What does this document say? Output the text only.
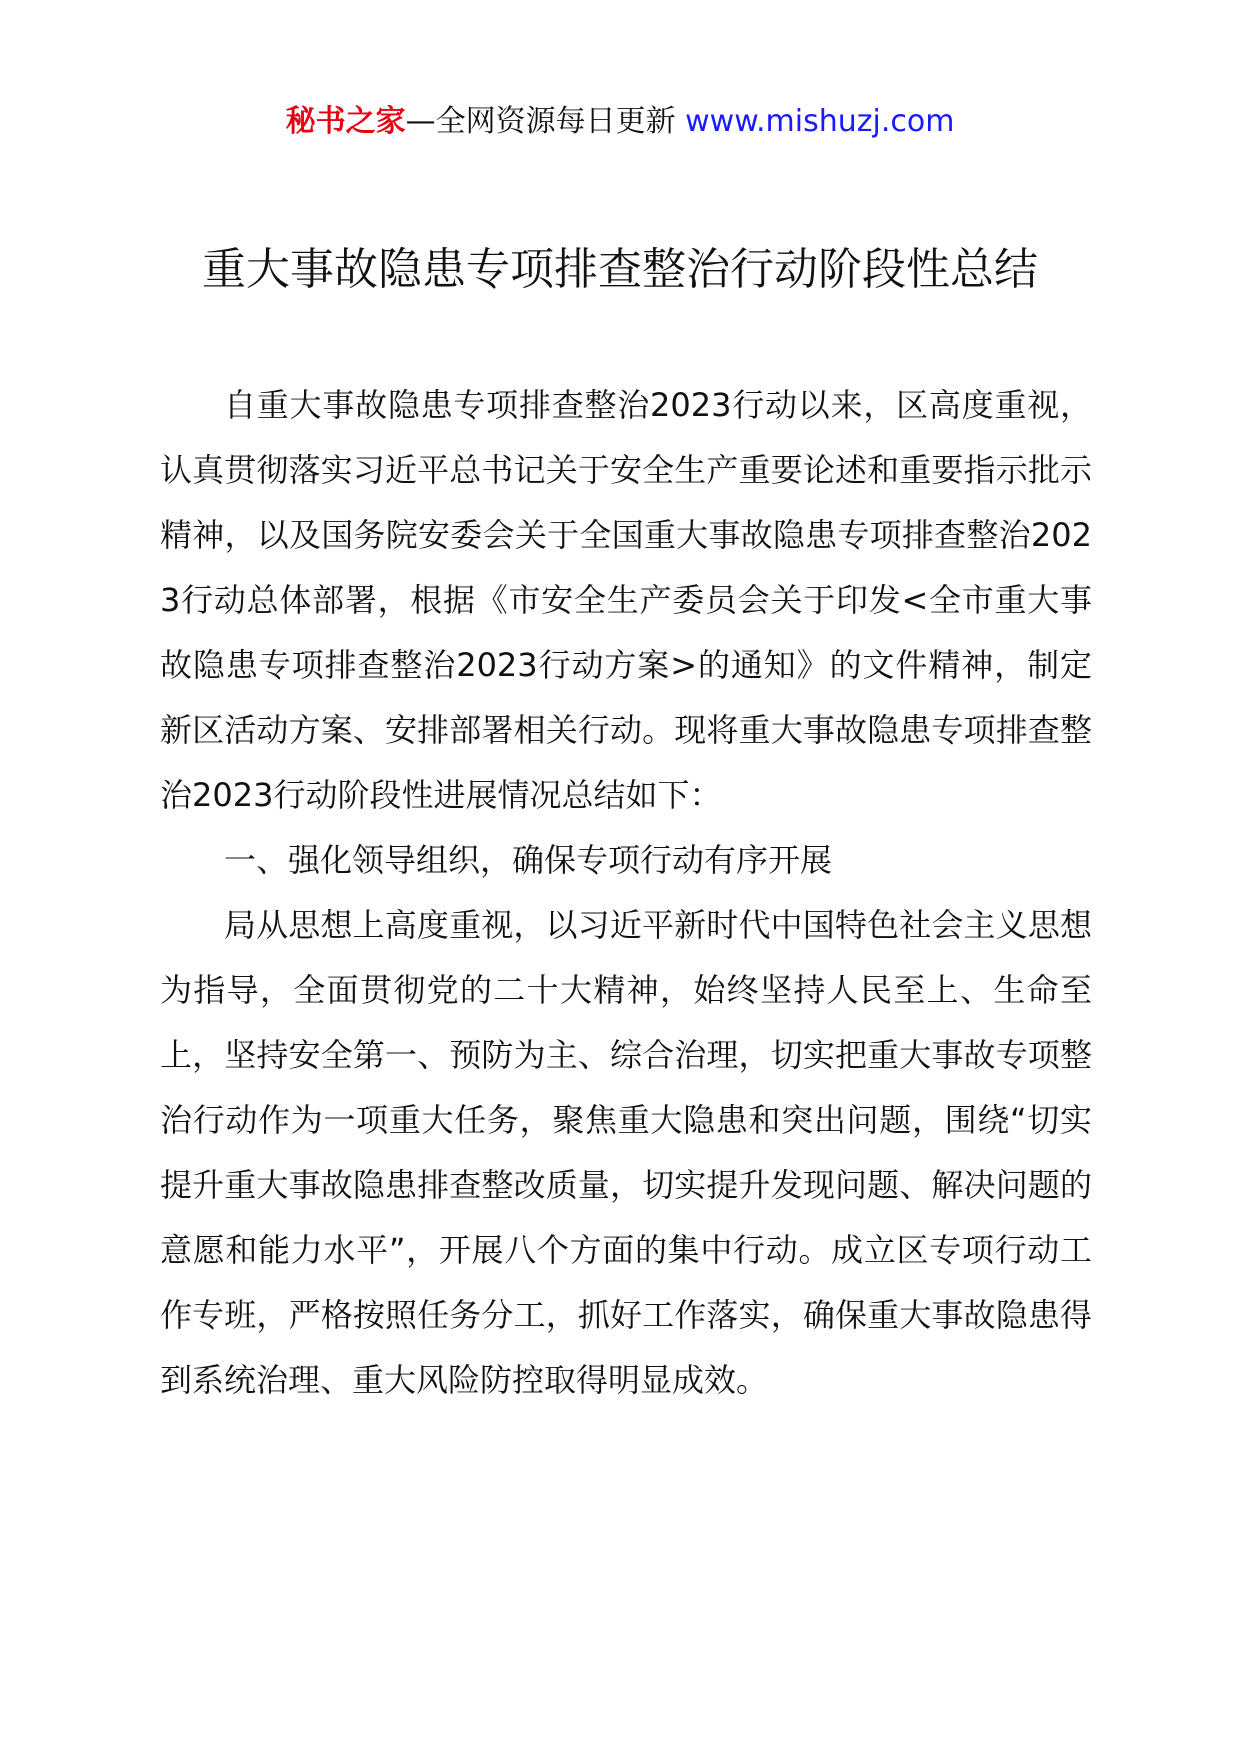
秘书之家—全网资源每日更新 www.mishuzj.com
重大事故隐患专项排查整治行动阶段性总结

自重大事故隐患专项排查整治2023行动以来，区高度重视，认真贯彻落实习近平总书记关于安全生产重要论述和重要指示批示精神，以及国务院安委会关于全国重大事故隐患专项排查整治2023行动总体部署，根据《市安全生产委员会关于印发<全市重大事故隐患专项排查整治2023行动方案>的通知》的文件精神，制定新区活动方案、安排部署相关行动。现将重大事故隐患专项排查整治2023行动阶段性进展情况总结如下：

一、强化领导组织，确保专项行动有序开展

局从思想上高度重视，以习近平新时代中国特色社会主义思想为指导，全面贯彻党的二十大精神，始终坚持人民至上、生命至上，坚持安全第一、预防为主、综合治理，切实把重大事故专项整治行动作为一项重大任务，聚焦重大隐患和突出问题，围绕“切实提升重大事故隐患排查整改质量，切实提升发现问题、解决问题的意愿和能力水平”，开展八个方面的集中行动。成立区专项行动工作专班，严格按照任务分工，抓好工作落实，确保重大事故隐患得到系统治理、重大风险防控取得明显成效。
